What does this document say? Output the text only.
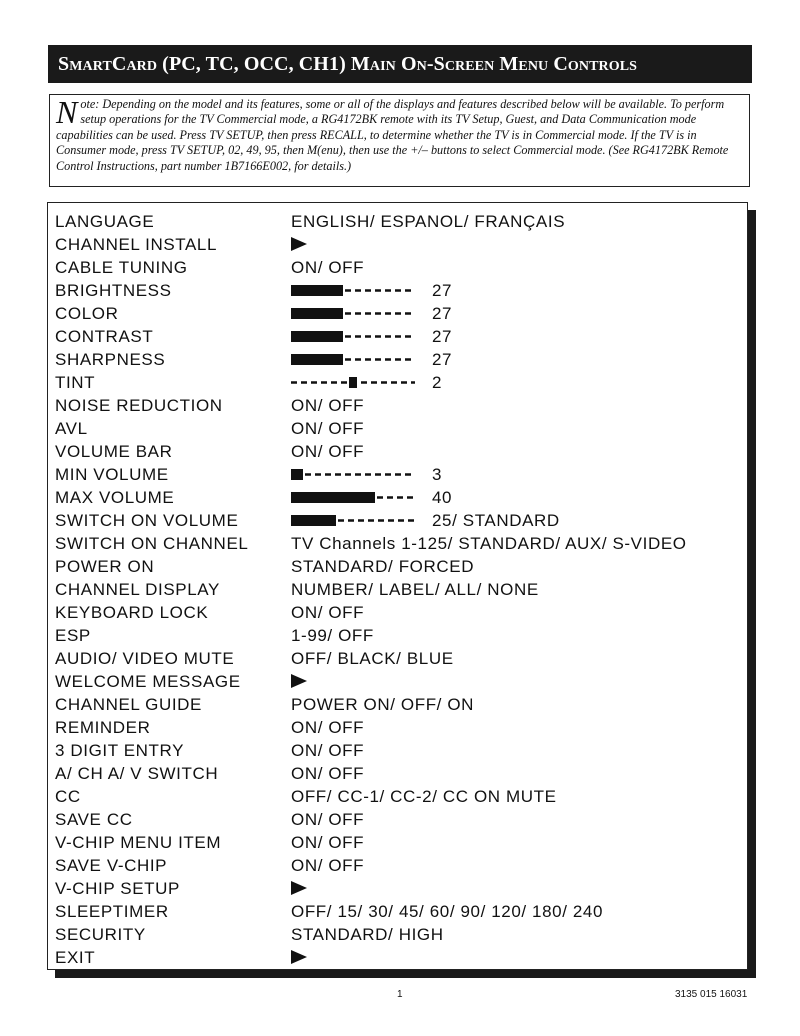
SmartCard (PC, TC, OCC, CH1) Main On-Screen Menu Controls
N ote: Depending on the model and its features, some or all of the displays and features described below will be available. To perform setup operations for the TV Commercial mode, a RG4172BK remote with its TV Setup, Guest, and Data Communication mode capabilities can be used. Press TV SETUP, then press RECALL, to determine whether the TV is in Commercial mode. If the TV is in Consumer mode, press TV SETUP, 02, 49, 95, then M(enu), then use the +/– buttons to select Commercial mode. (See RG4172BK Remote Control Instructions, part number 1B7166E002, for details.)
LANGUAGE	ENGLISH/ ESPANOL/ FRANÇAIS
CHANNEL INSTALL
CABLE TUNING	ON/ OFF
BRIGHTNESS	27
COLOR	27
CONTRAST	27
SHARPNESS	27
TINT	2
NOISE REDUCTION	ON/ OFF
AVL	ON/ OFF
VOLUME BAR	ON/ OFF
MIN VOLUME	3
MAX VOLUME	40
SWITCH ON VOLUME	25/ STANDARD
SWITCH ON CHANNEL	TV Channels 1-125/ STANDARD/ AUX/ S-VIDEO
POWER ON	STANDARD/ FORCED
CHANNEL DISPLAY	NUMBER/ LABEL/ ALL/ NONE
KEYBOARD LOCK	ON/ OFF
ESP	1-99/ OFF
AUDIO/ VIDEO MUTE	OFF/ BLACK/ BLUE
WELCOME MESSAGE
CHANNEL GUIDE	POWER ON/ OFF/ ON
REMINDER	ON/ OFF
3 DIGIT ENTRY	ON/ OFF
A/ CH A/ V SWITCH	ON/ OFF
CC	OFF/ CC-1/ CC-2/ CC ON MUTE
SAVE CC	ON/ OFF
V-CHIP MENU ITEM	ON/ OFF
SAVE V-CHIP	ON/ OFF
V-CHIP SETUP
SLEEPTIMER	OFF/ 15/ 30/ 45/ 60/ 90/ 120/ 180/ 240
SECURITY	STANDARD/ HIGH
EXIT
1	3135 015 16031
